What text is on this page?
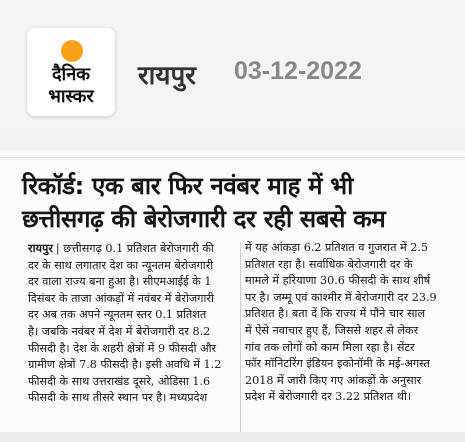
दैनिक
भास्कर
रायपुर 03-12-2022
रिकॉर्ड: एक बार फिर नवंबर माह में भी
छत्तीसगढ़ की बेरोजगारी दर रही सबसे कम
रायपुर | छत्तीसगढ़ 0.1 प्रतिशत बेरोजगारी की
दर के साथ लगातार देश का न्यूनतम बेरोजगारी
दर वाला राज्य बना हुआ है। सीएमआईई के 1
दिसंबर के ताजा आंकड़ों में नवंबर में बेरोजगारी
दर अब तक अपने न्यूनतम स्तर 0.1 प्रतिशत
है। जबकि नवंबर में देश में बेरोजगारी दर 8.2
फीसदी है। देश के शहरी क्षेत्रों में 9 फीसदी और
ग्रामीण क्षेत्रों 7.8 फीसदी है। इसी अवधि में 1.2
फीसदी के साथ उत्तराखंड दूसरे, ओडिसा 1.6
फीसदी के साथ तीसरे स्थान पर है। मध्यप्रदेश
में यह आंकड़ा 6.2 प्रतिशत व गुजरात में 2.5
प्रतिशत रहा है। सर्वाधिक बेरोजगारी दर के
मामले में हरियाणा 30.6 फीसदी के साथ शीर्ष
पर है। जम्मू एवं काश्मीर में बेरोजगारी दर 23.9
प्रतिशत है। बता दें कि राज्य में पौने चार साल
में ऐसे नवाचार हुए हैं, जिससे शहर से लेकर
गांव तक लोगों को काम मिला रहा है। सेंटर
फॉर मॉनिटरिंग इंडियन इकोनॉमी के मई-अगस्त
2018 में जारी किए गए आंकड़ों के अनुसार
प्रदेश में बेरोजगारी दर 3.22 प्रतिशत थी।
